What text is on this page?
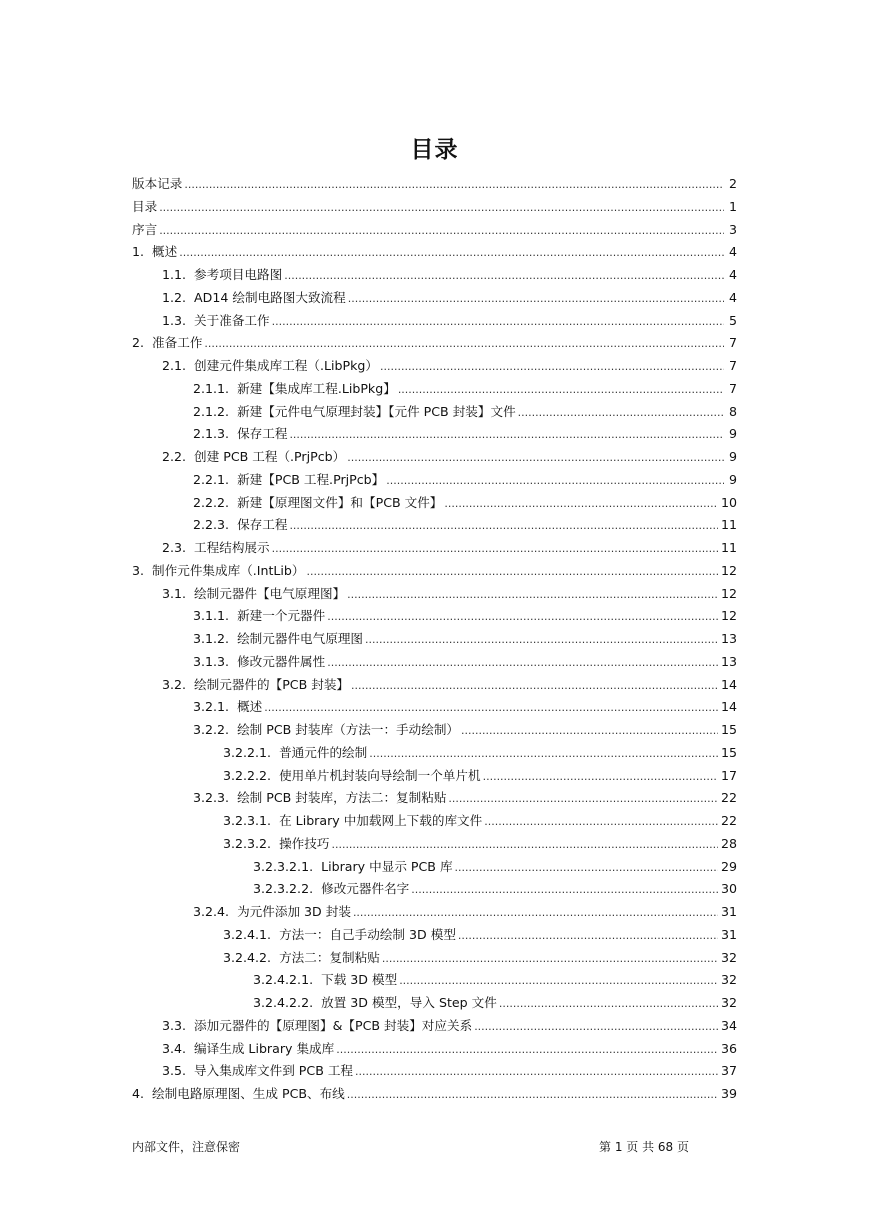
目录
版本记录 .....	2
目录 .....	1
序言 .....	3
1. 概述 .....	4
1.1. 参考项目电路图 .....	4
1.2. AD14 绘制电路图大致流程 .....	4
1.3. 关于准备工作 .....	5
2. 准备工作 .....	7
2.1. 创建元件集成库工程（.LibPkg） .....	7
2.1.1. 新建【集成库工程.LibPkg】 .....	7
2.1.2. 新建【元件电气原理封装】【元件 PCB 封装】文件 .....	8
2.1.3. 保存工程 .....	9
2.2. 创建 PCB 工程（.PrjPcb） .....	9
2.2.1. 新建【PCB 工程.PrjPcb】 .....	9
2.2.2. 新建【原理图文件】和【PCB 文件】 .....	10
2.2.3. 保存工程 .....	11
2.3. 工程结构展示 .....	11
3. 制作元件集成库（.IntLib） .....	12
3.1. 绘制元器件【电气原理图】 .....	12
3.1.1. 新建一个元器件 .....	12
3.1.2. 绘制元器件电气原理图 .....	13
3.1.3. 修改元器件属性 .....	13
3.2. 绘制元器件的【PCB 封装】 .....	14
3.2.1. 概述 .....	14
3.2.2. 绘制 PCB 封装库（方法一：手动绘制） .....	15
3.2.2.1. 普通元件的绘制 .....	15
3.2.2.2. 使用单片机封装向导绘制一个单片机 .....	17
3.2.3. 绘制 PCB 封装库，方法二：复制粘贴 .....	22
3.2.3.1. 在 Library 中加载网上下载的库文件 .....	22
3.2.3.2. 操作技巧 .....	28
3.2.3.2.1. Library 中显示 PCB 库 .....	29
3.2.3.2.2. 修改元器件名字 .....	30
3.2.4. 为元件添加 3D 封装 .....	31
3.2.4.1. 方法一：自己手动绘制 3D 模型 .....	31
3.2.4.2. 方法二：复制粘贴 .....	32
3.2.4.2.1. 下载 3D 模型 .....	32
3.2.4.2.2. 放置 3D 模型，导入 Step 文件 .....	32
3.3. 添加元器件的【原理图】&【PCB 封装】对应关系 .....	34
3.4. 编译生成 Library 集成库 .....	36
3.5. 导入集成库文件到 PCB 工程 .....	37
4. 绘制电路原理图、生成 PCB、布线 .....	39
内部文件，注意保密	第 1 页 共 68 页
